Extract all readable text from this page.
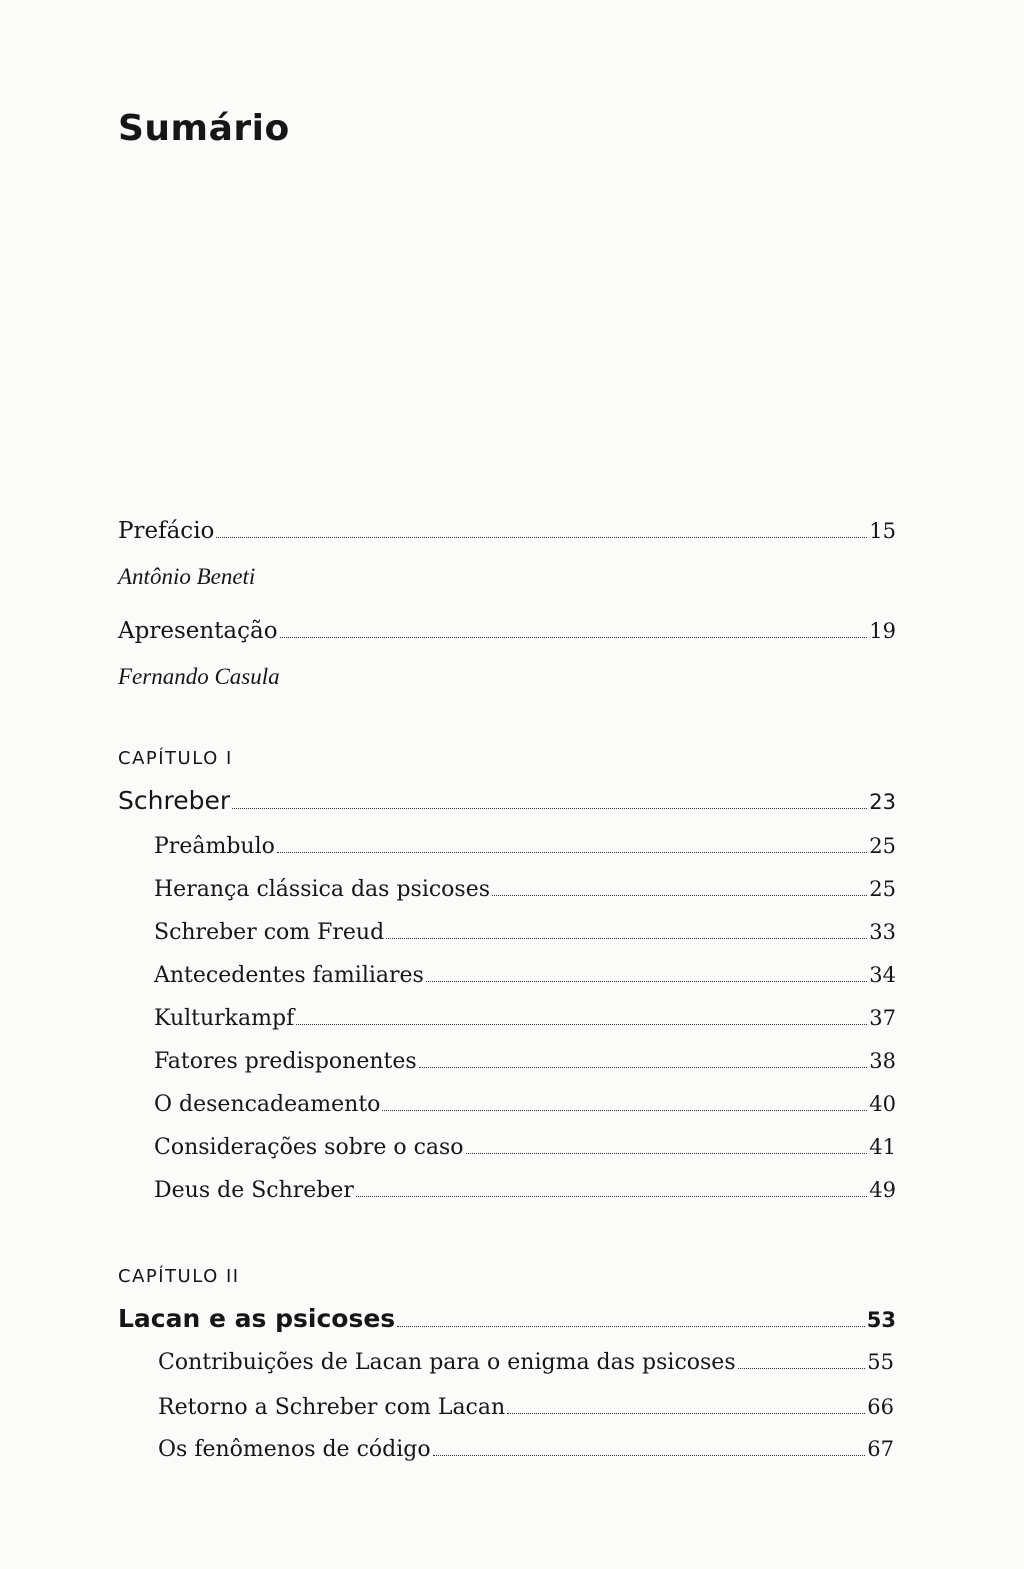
Sumário
Prefácio	15
Antônio Beneti
Apresentação	19
Fernando Casula
CAPÍTULO I
Schreber	23
Preâmbulo	25
Herança clássica das psicoses	25
Schreber com Freud	33
Antecedentes familiares	34
Kulturkampf	37
Fatores predisponentes	38
O desencadeamento	40
Considerações sobre o caso	41
Deus de Schreber	49
CAPÍTULO II
Lacan e as psicoses	53
Contribuições de Lacan para o enigma das psicoses	55
Retorno a Schreber com Lacan	66
Os fenômenos de código	67
